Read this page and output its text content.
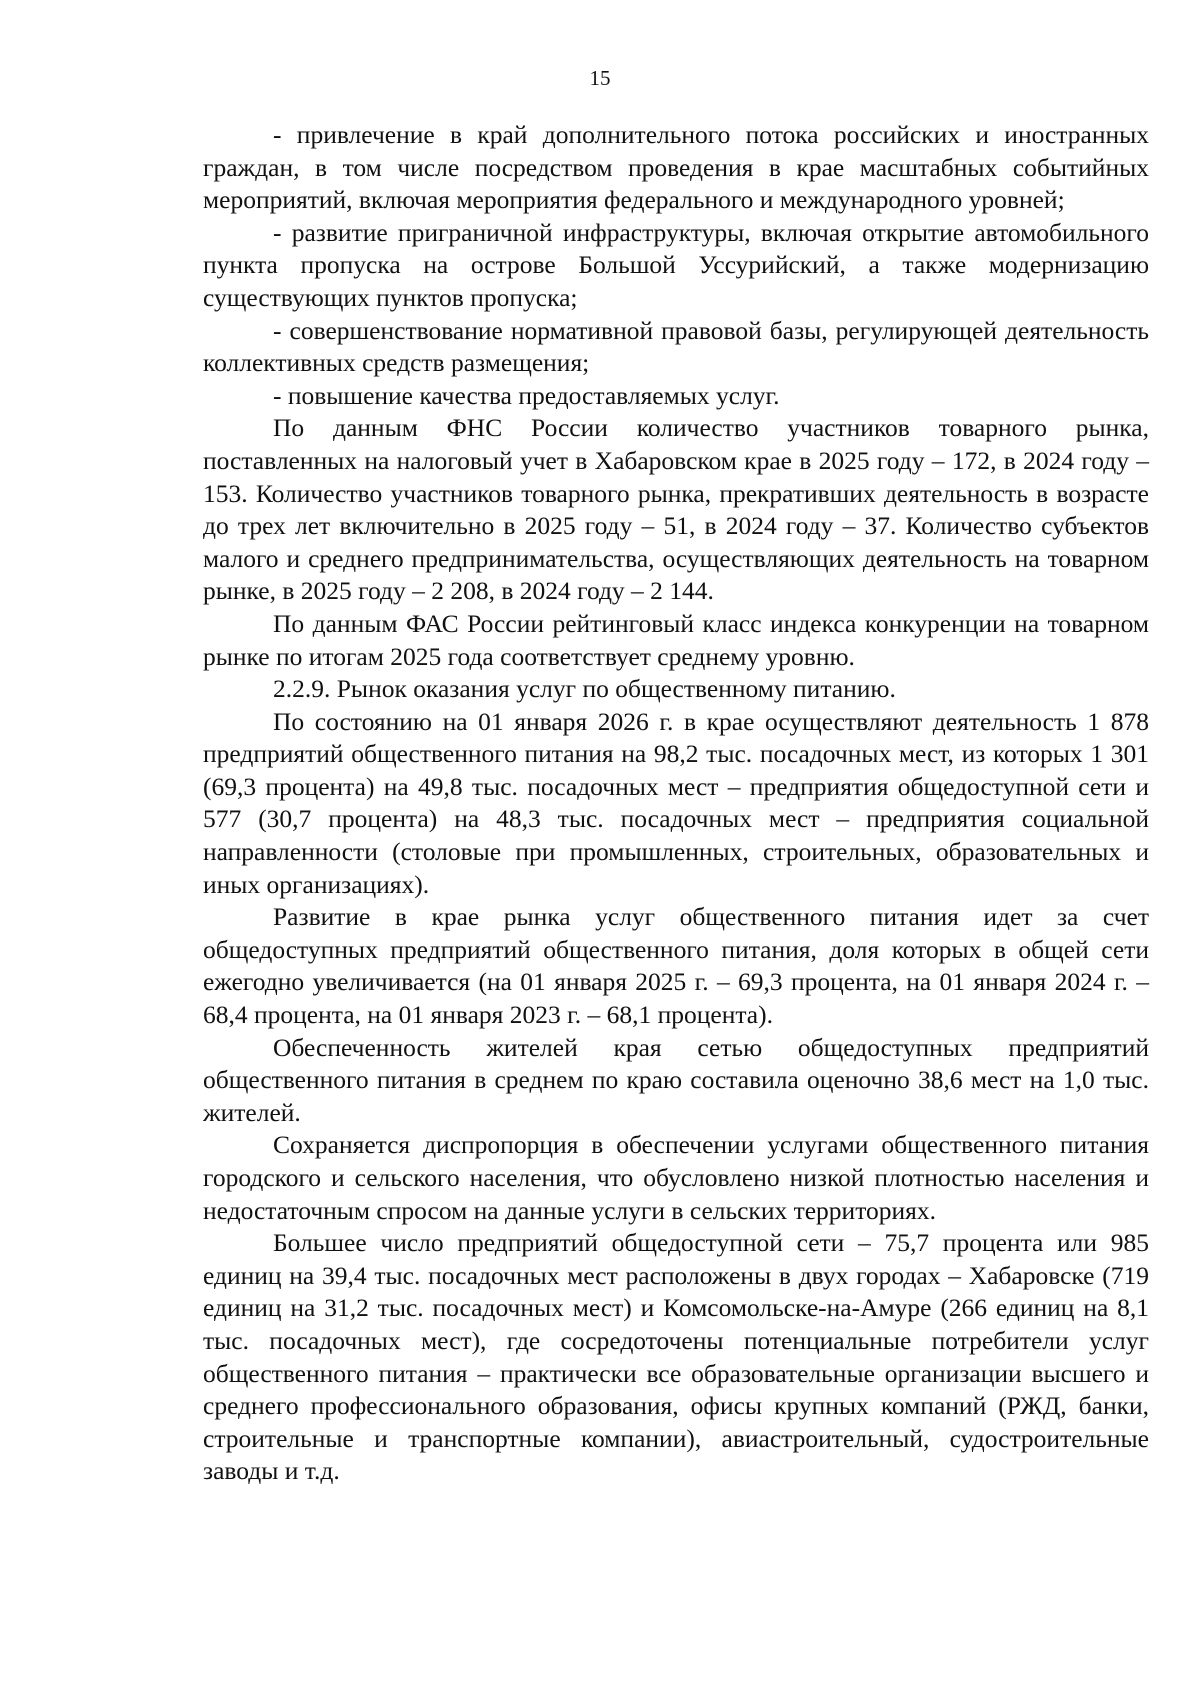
15

- привлечение в край дополнительного потока российских и иностранных граждан, в том числе посредством проведения в крае масштабных событийных мероприятий, включая мероприятия федерального и международного уровней;

- развитие приграничной инфраструктуры, включая открытие автомобильного пункта пропуска на острове Большой Уссурийский, а также модернизацию существующих пунктов пропуска;

- совершенствование нормативной правовой базы, регулирующей деятельность коллективных средств размещения;

- повышение качества предоставляемых услуг.

По данным ФНС России количество участников товарного рынка, поставленных на налоговый учет в Хабаровском крае в 2025 году – 172, в 2024 году – 153. Количество участников товарного рынка, прекративших деятельность в возрасте до трех лет включительно в 2025 году – 51, в 2024 году – 37. Количество субъектов малого и среднего предпринимательства, осуществляющих деятельность на товарном рынке, в 2025 году – 2 208, в 2024 году – 2 144.

По данным ФАС России рейтинговый класс индекса конкуренции на товарном рынке по итогам 2025 года соответствует среднему уровню.

2.2.9. Рынок оказания услуг по общественному питанию.

По состоянию на 01 января 2026 г. в крае осуществляют деятельность 1 878 предприятий общественного питания на 98,2 тыс. посадочных мест, из которых 1 301 (69,3 процента) на 49,8 тыс. посадочных мест – предприятия общедоступной сети и 577 (30,7 процента) на 48,3 тыс. посадочных мест – предприятия социальной направленности (столовые при промышленных, строительных, образовательных и иных организациях).

Развитие в крае рынка услуг общественного питания идет за счет общедоступных предприятий общественного питания, доля которых в общей сети ежегодно увеличивается (на 01 января 2025 г. – 69,3 процента, на 01 января 2024 г. – 68,4 процента, на 01 января 2023 г. – 68,1 процента).

Обеспеченность жителей края сетью общедоступных предприятий общественного питания в среднем по краю составила оценочно 38,6 мест на 1,0 тыс. жителей.

Сохраняется диспропорция в обеспечении услугами общественного питания городского и сельского населения, что обусловлено низкой плотностью населения и недостаточным спросом на данные услуги в сельских территориях.

Большее число предприятий общедоступной сети – 75,7 процента или 985 единиц на 39,4 тыс. посадочных мест расположены в двух городах – Хабаровске (719 единиц на 31,2 тыс. посадочных мест) и Комсомольске-на-Амуре (266 единиц на 8,1 тыс. посадочных мест), где сосредоточены потенциальные потребители услуг общественного питания – практически все образовательные организации высшего и среднего профессионального образования, офисы крупных компаний (РЖД, банки, строительные и транспортные компании), авиастроительный, судостроительные заводы и т.д.
